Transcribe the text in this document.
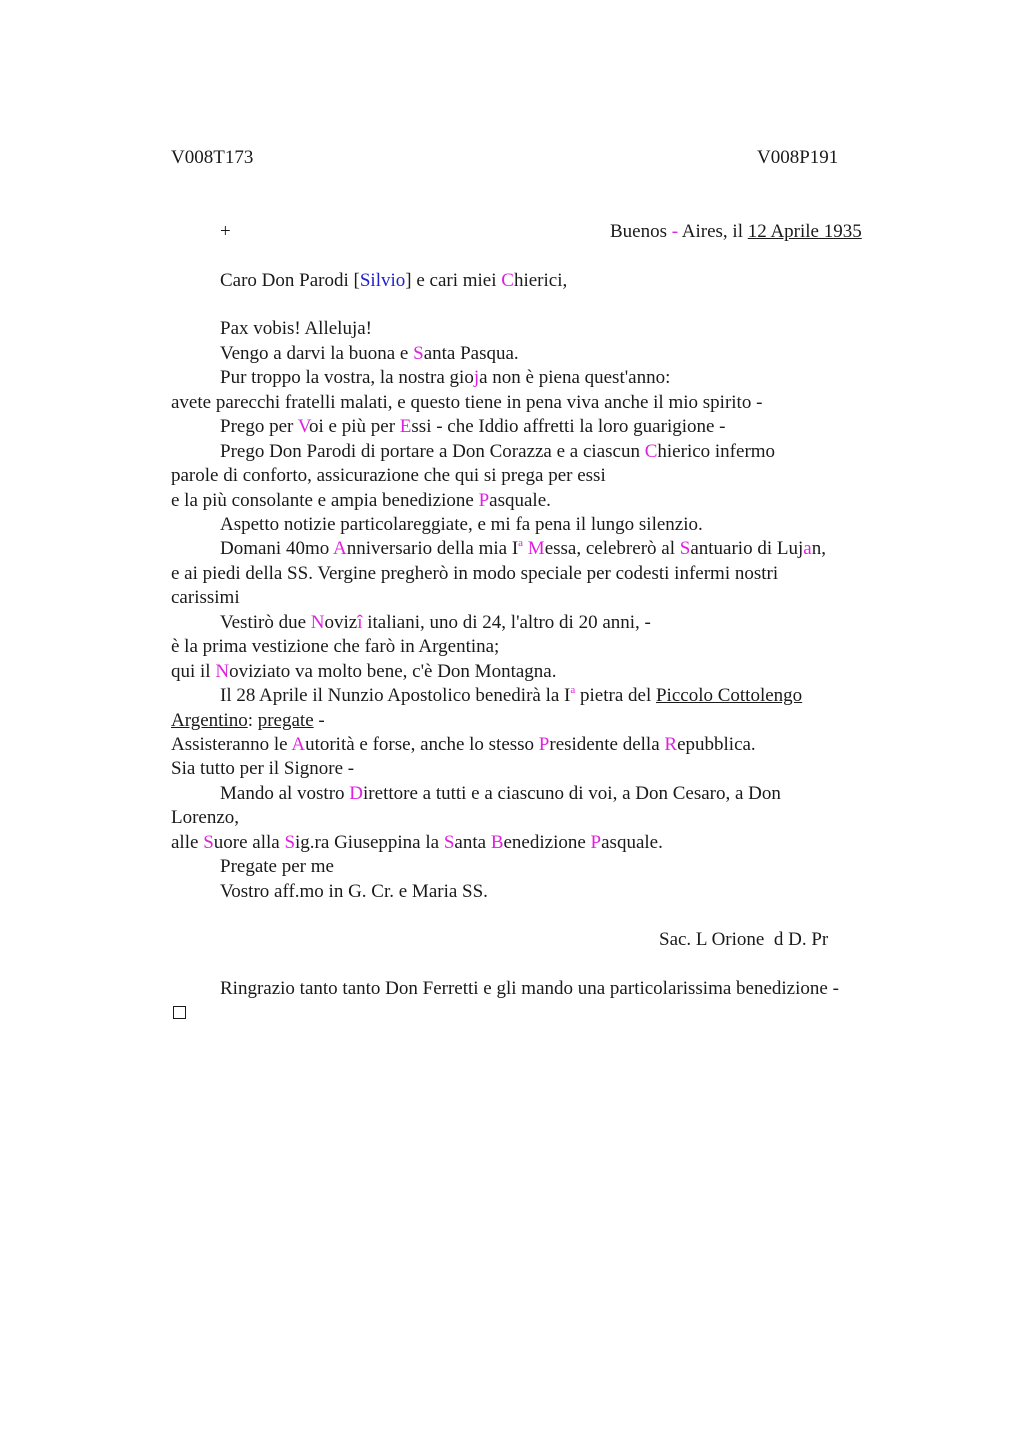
V008T173	V008P191
+	Buenos - Aires, il 12 Aprile 1935
Caro Don Parodi [Silvio] e cari miei Chierici,
Pax vobis! Alleluja!
Vengo a darvi la buona e Santa Pasqua.
Pur troppo la vostra, la nostra gioja non è piena quest'anno:
avete parecchi fratelli malati, e questo tiene in pena viva anche il mio spirito -
Prego per Voi e più per Essi - che Iddio affretti la loro guarigione -
Prego Don Parodi di portare a Don Corazza e a ciascun Chierico infermo
parole di conforto, assicurazione che qui si prega per essi
e la più consolante e ampia benedizione Pasquale.
Aspetto notizie particolareggiate, e mi fa pena il lungo silenzio.
Domani 40mo Anniversario della mia $I^a$ Messa, celebrerò al Santuario di Lujan,
e ai piedi della SS. Vergine pregherò in modo speciale per codesti infermi nostri
carissimi
Vestirò due Novizî italiani, uno di 24, l'altro di 20 anni, -
è la prima vestizione che farò in Argentina;
qui il Noviziato va molto bene, c'è Don Montagna.
Il 28 Aprile il Nunzio Apostolico benedirà la $I^a$ pietra del Piccolo Cottolengo
Argentino: pregate -
Assisteranno le Autorità e forse, anche lo stesso Presidente della Repubblica.
Sia tutto per il Signore -
Mando al vostro Direttore a tutti e a ciascuno di voi, a Don Cesaro, a Don
Lorenzo,
alle Suore alla Sig.ra Giuseppina la Santa Benedizione Pasquale.
Pregate per me
Vostro aff.mo in G. Cr. e Maria SS.
Sac. L Orione  d D. Pr
Ringrazio tanto tanto Don Ferretti e gli mando una particolarissima benedizione -
